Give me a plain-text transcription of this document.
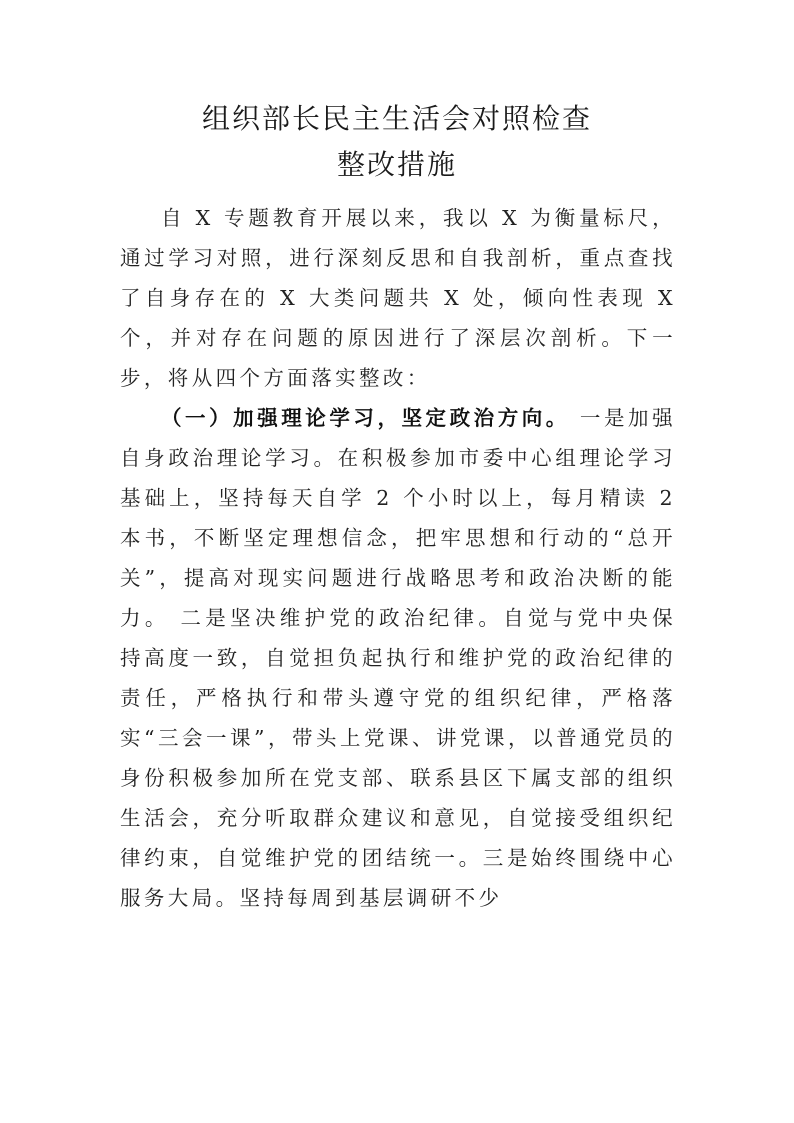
组织部长民主生活会对照检查

整改措施

自 X 专题教育开展以来，我以 X 为衡量标尺，通过学习对照，进行深刻反思和自我剖析，重点查找了自身存在的 X 大类问题共 X 处，倾向性表现 X 个，并对存在问题的原因进行了深层次剖析。下一步，将从四个方面落实整改：

（一）加强理论学习，坚定政治方向。 一是加强自身政治理论学习。在积极参加市委中心组理论学习基础上，坚持每天自学 2 个小时以上，每月精读 2 本书，不断坚定理想信念，把牢思想和行动的“总开关”，提高对现实问题进行战略思考和政治决断的能力。 二是坚决维护党的政治纪律。自觉与党中央保持高度一致，自觉担负起执行和维护党的政治纪律的责任，严格执行和带头遵守党的组织纪律，严格落实“三会一课”，带头上党课、讲党课，以普通党员的身份积极参加所在党支部、联系县区下属支部的组织生活会，充分听取群众建议和意见，自觉接受组织纪律约束，自觉维护党的团结统一。三是始终围绕中心服务大局。坚持每周到基层调研不少
